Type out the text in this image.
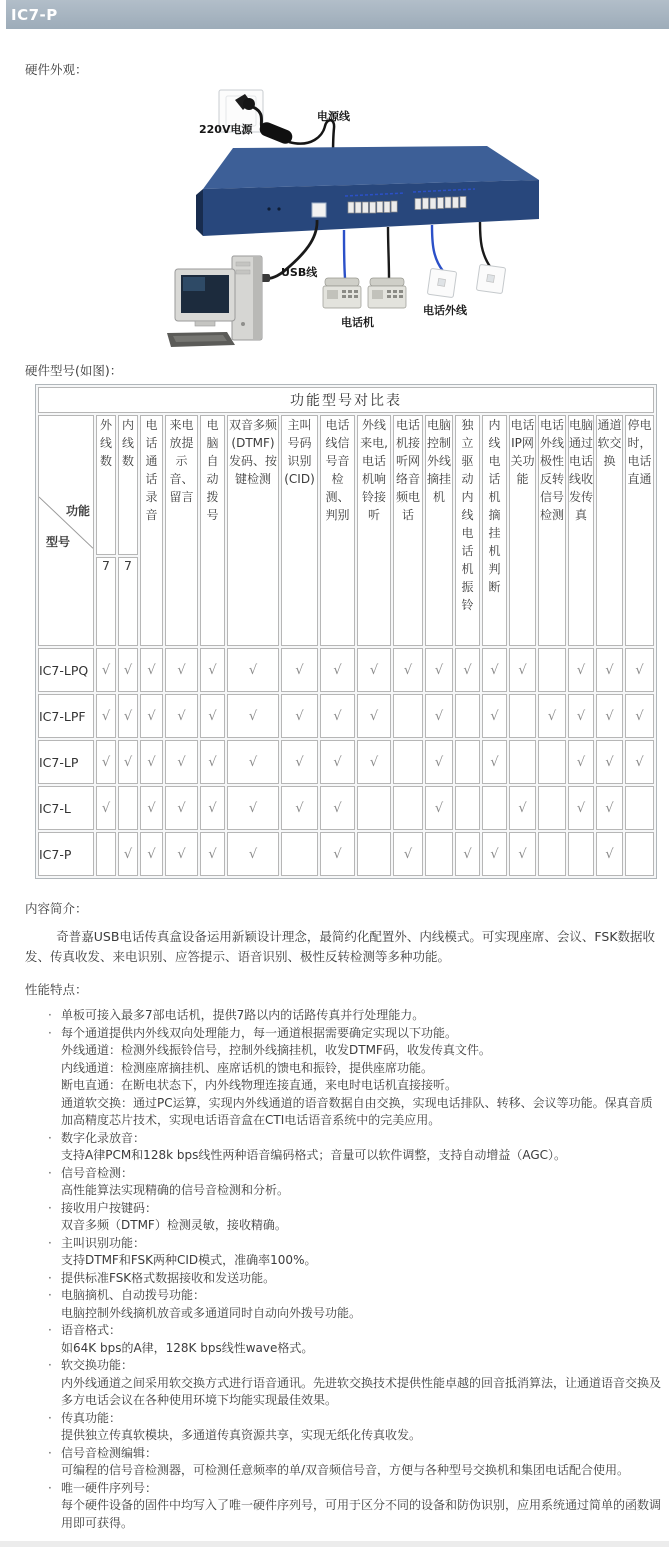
IC7-P
硬件外观：
220V电源
电源线
USB线
电话机
电话外线
硬件型号(如图)：
功能型号对比表																		

功能
型号	外线数	内线数	电话通话录音	来电放提示音、留言	电脑自动拨号	双音多频(DTMF)发码、按键检测	主叫号码识别(CID)	电话线信号音检测、判别	外线来电,电话机响铃接听	电话机接听网络音频电话	电脑控制外线摘挂机	独立驱动内线电话机振铃	内线电话机摘挂机判断	电话IP网关功能	电话外线极性反转信号检测	电脑通过电话线收发传真	通道软交换	停电时，电话直通
	7	7																
IC7-LPQ	√	√	√	√	√	√	√	√	√	√	√	√	√	√		√	√	√
IC7-LPF	√	√	√	√	√	√	√	√	√		√		√		√	√	√	√
IC7-LP	√	√	√	√	√	√	√	√	√		√		√			√	√	√
IC7-L	√		√	√	√	√	√	√			√			√		√	√	
IC7-P		√	√	√	√	√		√		√		√	√	√			√	
内容简介：

奇普嘉USB电话传真盒设备运用新颖设计理念，最简约化配置外、内线模式。可实现座席、会议、FSK数据收发、传真收发、来电识别、应答提示、语音识别、极性反转检测等多种功能。

性能特点：
· 单板可接入最多7部电话机，提供7路以内的话路传真并行处理能力。
· 每个通道提供内外线双向处理能力，每一通道根据需要确定实现以下功能。
外线通道：检测外线振铃信号，控制外线摘挂机，收发DTMF码，收发传真文件。
内线通道：检测座席摘挂机、座席话机的馈电和振铃，提供座席功能。
断电直通：在断电状态下，内外线物理连接直通，来电时电话机直接接听。
通道软交换：通过PC运算，实现内外线通道的语音数据自由交换，实现电话排队、转移、会议等功能。保真音质加高精度芯片技术，实现电话语音盒在CTI电话语音系统中的完美应用。
· 数字化录放音：
支持A律PCM和128k bps线性两种语音编码格式；音量可以软件调整，支持自动增益（AGC）。
· 信号音检测：
高性能算法实现精确的信号音检测和分析。
· 接收用户按键码：
双音多频（DTMF）检测灵敏，接收精确。
· 主叫识别功能：
支持DTMF和FSK两种CID模式，准确率100%。
· 提供标准FSK格式数据接收和发送功能。
· 电脑摘机、自动拨号功能：
电脑控制外线摘机放音或多通道同时自动向外拨号功能。
· 语音格式：
如64K bps的A律，128K bps线性wave格式。
· 软交换功能：
内外线通道之间采用软交换方式进行语音通讯。先进软交换技术提供性能卓越的回音抵消算法，让通道语音交换及多方电话会议在各种使用环境下均能实现最佳效果。
· 传真功能：
提供独立传真软模块，多通道传真资源共享，实现无纸化传真收发。
· 信号音检测编辑：
可编程的信号音检测器，可检测任意频率的单/双音频信号音，方便与各种型号交换机和集团电话配合使用。
· 唯一硬件序列号：
每个硬件设备的固件中均写入了唯一硬件序列号，可用于区分不同的设备和防伪识别，应用系统通过简单的函数调用即可获得。
